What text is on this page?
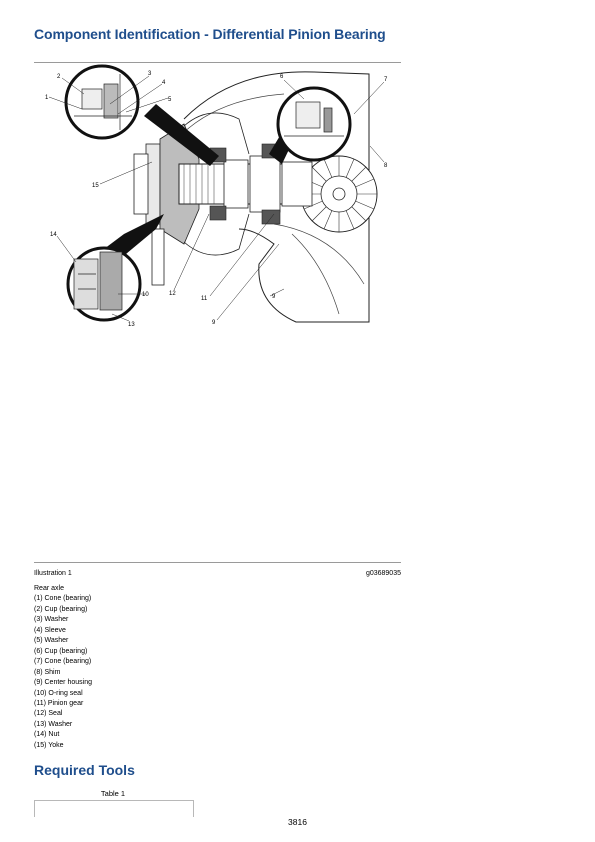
Component Identification - Differential Pinion Bearing
1
2	3
4
5
6	7
8
9
9
10
11
12
13
14
15
Illustration 1	g03689035
Rear axle
(1) Cone (bearing)
(2) Cup (bearing)
(3) Washer
(4) Sleeve
(5) Washer
(6) Cup (bearing)
(7) Cone (bearing)
(8) Shim
(9) Center housing
(10) O-ring seal
(11) Pinion gear
(12) Seal
(13) Washer
(14) Nut
(15) Yoke
Required Tools
Table 1
3816
